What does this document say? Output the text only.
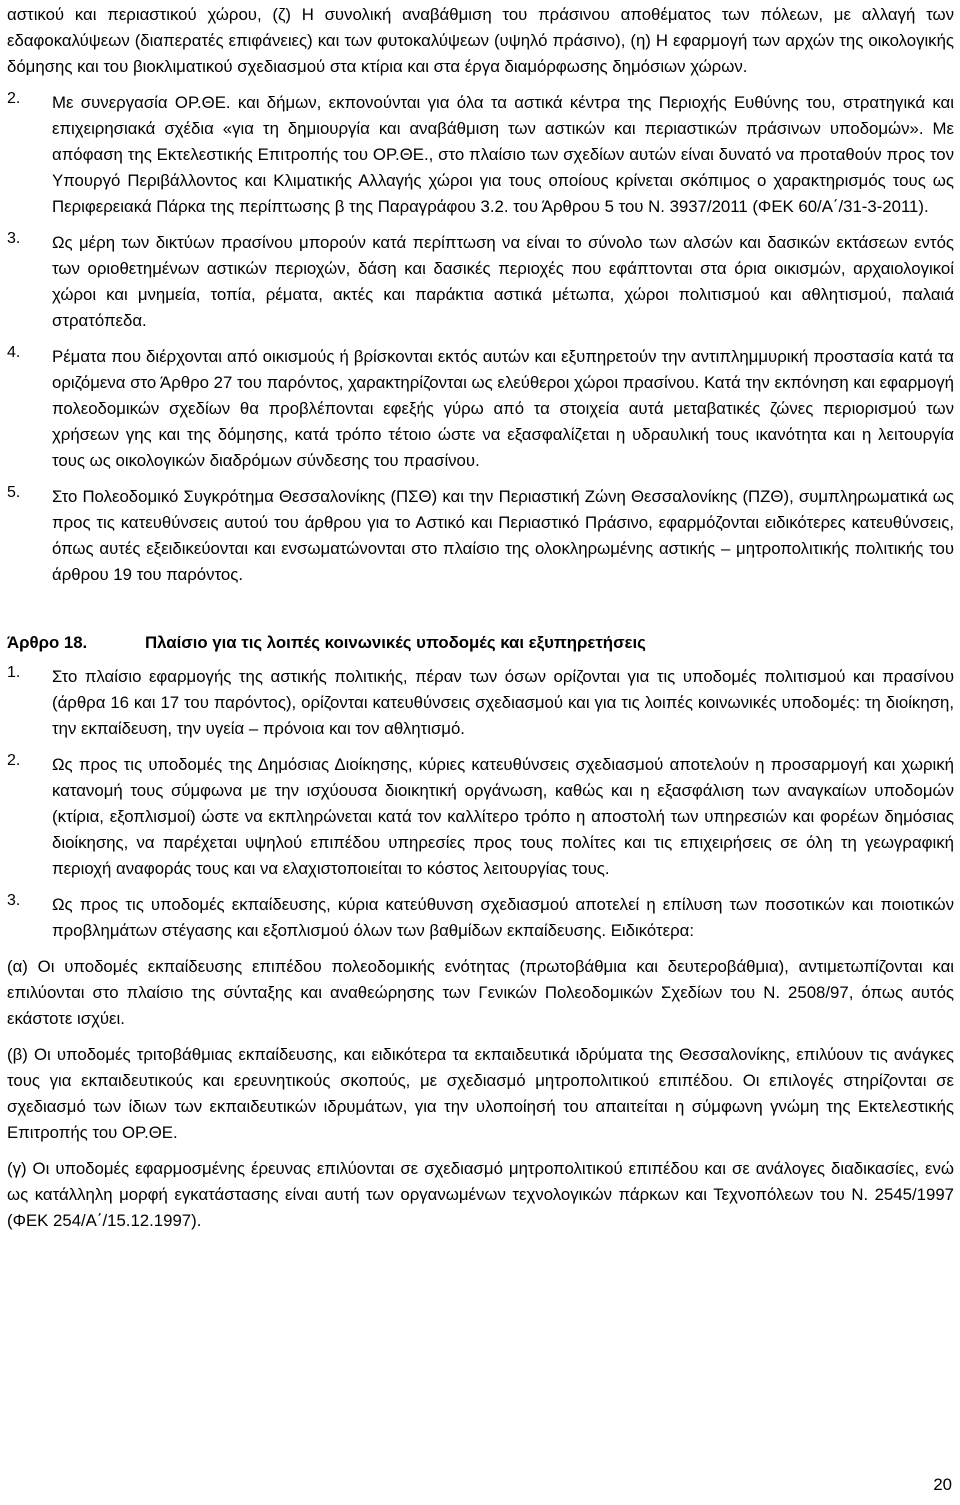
αστικού και περιαστικού χώρου, (ζ) Η συνολική αναβάθμιση του πράσινου αποθέματος των πόλεων, με αλλαγή των εδαφοκαλύψεων (διαπερατές επιφάνειες) και των φυτοκαλύψεων (υψηλό πράσινο), (η) Η εφαρμογή των αρχών της οικολογικής δόμησης και του βιοκλιματικού σχεδιασμού στα κτίρια και στα έργα διαμόρφωσης δημόσιων χώρων.

2.	Με συνεργασία ΟΡ.ΘΕ. και δήμων, εκπονούνται για όλα τα αστικά κέντρα της Περιοχής Ευθύνης του, στρατηγικά και επιχειρησιακά σχέδια «για τη δημιουργία και αναβάθμιση των αστικών και περιαστικών πράσινων υποδομών». Με απόφαση της Εκτελεστικής Επιτροπής του ΟΡ.ΘΕ., στο πλαίσιο των σχεδίων αυτών είναι δυνατό να προταθούν προς τον Υπουργό Περιβάλλοντος και Κλιματικής Αλλαγής χώροι για τους οποίους κρίνεται σκόπιμος ο χαρακτηρισμός τους ως Περιφερειακά Πάρκα της περίπτωσης β της Παραγράφου 3.2. του Άρθρου 5 του Ν. 3937/2011 (ΦΕΚ 60/Α΄/31-3-2011).

3.	Ως μέρη των δικτύων πρασίνου μπορούν κατά περίπτωση να είναι το σύνολο των αλσών και δασικών εκτάσεων εντός των οριοθετημένων αστικών περιοχών, δάση και δασικές περιοχές που εφάπτονται στα όρια οικισμών, αρχαιολογικοί χώροι και μνημεία, τοπία, ρέματα, ακτές και παράκτια αστικά μέτωπα, χώροι πολιτισμού και αθλητισμού, παλαιά στρατόπεδα.

4.	Ρέματα που διέρχονται από οικισμούς ή βρίσκονται εκτός αυτών και εξυπηρετούν την αντιπλημμυρική προστασία κατά τα οριζόμενα στο Άρθρο 27 του παρόντος, χαρακτηρίζονται ως ελεύθεροι χώροι πρασίνου. Κατά την εκπόνηση και εφαρμογή πολεοδομικών σχεδίων θα προβλέπονται εφεξής γύρω από τα στοιχεία αυτά μεταβατικές ζώνες περιορισμού των χρήσεων γης και της δόμησης, κατά τρόπο τέτοιο ώστε να εξασφαλίζεται η υδραυλική τους ικανότητα και η λειτουργία τους ως οικολογικών διαδρόμων σύνδεσης του πρασίνου.

5.	Στο Πολεοδομικό Συγκρότημα Θεσσαλονίκης (ΠΣΘ) και την Περιαστική Ζώνη Θεσσαλονίκης (ΠΖΘ), συμπληρωματικά ως προς τις κατευθύνσεις αυτού του άρθρου για το Αστικό και Περιαστικό Πράσινο, εφαρμόζονται ειδικότερες κατευθύνσεις, όπως αυτές εξειδικεύονται και ενσωματώνονται στο πλαίσιο της ολοκληρωμένης αστικής – μητροπολιτικής πολιτικής του άρθρου 19 του παρόντος.

Άρθρο 18.	Πλαίσιο για τις λοιπές κοινωνικές υποδομές και εξυπηρετήσεις
1.	Στο πλαίσιο εφαρμογής της αστικής πολιτικής, πέραν των όσων ορίζονται για τις υποδομές πολιτισμού και πρασίνου (άρθρα 16 και 17 του παρόντος), ορίζονται κατευθύνσεις σχεδιασμού και για τις λοιπές κοινωνικές υποδομές: τη διοίκηση, την εκπαίδευση, την υγεία – πρόνοια και τον αθλητισμό.

2.	Ως προς τις υποδομές της Δημόσιας Διοίκησης, κύριες κατευθύνσεις σχεδιασμού αποτελούν η προσαρμογή και χωρική κατανομή τους σύμφωνα με την ισχύουσα διοικητική οργάνωση, καθώς και η εξασφάλιση των αναγκαίων υποδομών (κτίρια, εξοπλισμοί) ώστε να εκπληρώνεται κατά τον καλλίτερο τρόπο η αποστολή των υπηρεσιών και φορέων δημόσιας διοίκησης, να παρέχεται υψηλού επιπέδου υπηρεσίες προς τους πολίτες και τις επιχειρήσεις σε όλη τη γεωγραφική περιοχή αναφοράς τους και να ελαχιστοποιείται το κόστος λειτουργίας τους.

3.	Ως προς τις υποδομές εκπαίδευσης, κύρια κατεύθυνση σχεδιασμού αποτελεί η επίλυση των ποσοτικών και ποιοτικών προβλημάτων στέγασης και εξοπλισμού όλων των βαθμίδων εκπαίδευσης. Ειδικότερα:

(α) Οι υποδομές εκπαίδευσης επιπέδου πολεοδομικής ενότητας (πρωτοβάθμια και δευτεροβάθμια), αντιμετωπίζονται και επιλύονται στο πλαίσιο της σύνταξης και αναθεώρησης των Γενικών Πολεοδομικών Σχεδίων του Ν. 2508/97, όπως αυτός εκάστοτε ισχύει.

(β) Οι υποδομές τριτοβάθμιας εκπαίδευσης, και ειδικότερα τα εκπαιδευτικά ιδρύματα της Θεσσαλονίκης, επιλύουν τις ανάγκες τους για εκπαιδευτικούς και ερευνητικούς σκοπούς, με σχεδιασμό μητροπολιτικού επιπέδου. Οι επιλογές στηρίζονται σε σχεδιασμό των ίδιων των εκπαιδευτικών ιδρυμάτων, για την υλοποίησή του απαιτείται η σύμφωνη γνώμη της Εκτελεστικής Επιτροπής του ΟΡ.ΘΕ.

(γ) Οι υποδομές εφαρμοσμένης έρευνας επιλύονται σε σχεδιασμό μητροπολιτικού επιπέδου και σε ανάλογες διαδικασίες, ενώ ως κατάλληλη μορφή εγκατάστασης είναι αυτή των οργανωμένων τεχνολογικών πάρκων και Τεχνοπόλεων του Ν. 2545/1997 (ΦΕΚ 254/Α΄/15.12.1997).

20
